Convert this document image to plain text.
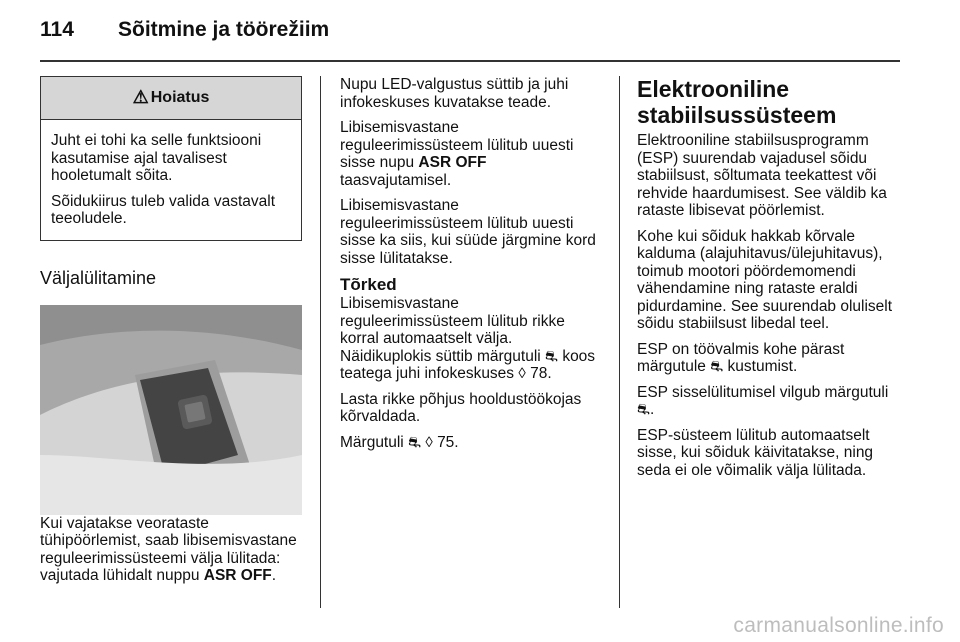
114 Sõitmine ja töörežiim
⚠ Hoiatus

Juht ei tohi ka selle funktsiooni kasutamise ajal tavalisest hooletumalt sõita.

Sõidukiirus tuleb valida vastavalt teeoludele.

Väljalülitamine

Kui vajatakse veorataste tühipöörlemist, saab libisemisvastane reguleerimissüsteemi välja lülitada: vajutada lühidalt nuppu ASR OFF.

Nupu LED-valgustus süttib ja juhi infokeskuses kuvatakse teade.

Libisemisvastane reguleerimissüsteem lülitub uuesti sisse nupu ASR OFF
taasvajutamisel.

Libisemisvastane reguleerimissüsteem lülitub uuesti sisse ka siis, kui süüde järgmine kord sisse lülitatakse.

Tõrked

Libisemisvastane reguleerimissüsteem lülitub rikke korral automaatselt välja.

Näidikuplokis süttib märgutuli ⛐ koos teatega juhi infokeskuses ◊ 78.

Lasta rikke põhjus hooldustöökojas kõrvaldada.

Märgutuli ⛐ ◊ 75.

Elektrooniline stabiilsussüsteem

Elektrooniline stabiilsusprogramm (ESP) suurendab vajadusel sõidu stabiilsust, sõltumata teekattest või rehvide haardumisest. See väldib ka rataste libisevat pöörlemist.

Kohe kui sõiduk hakkab kõrvale kalduma (alajuhitavus/ülejuhitavus), toimub mootori pöördemomendi vähendamine ning rataste eraldi pidurdamine. See suurendab oluliselt sõidu stabiilsust libedal teel.

ESP on töövalmis kohe pärast märgutule ⛐ kustumist.

ESP sisselülitumisel vilgub märgutuli
⛐.

ESP-süsteem lülitub automaatselt sisse, kui sõiduk käivitatakse, ning seda ei ole võimalik välja lülitada.

carmanualsonline.info
